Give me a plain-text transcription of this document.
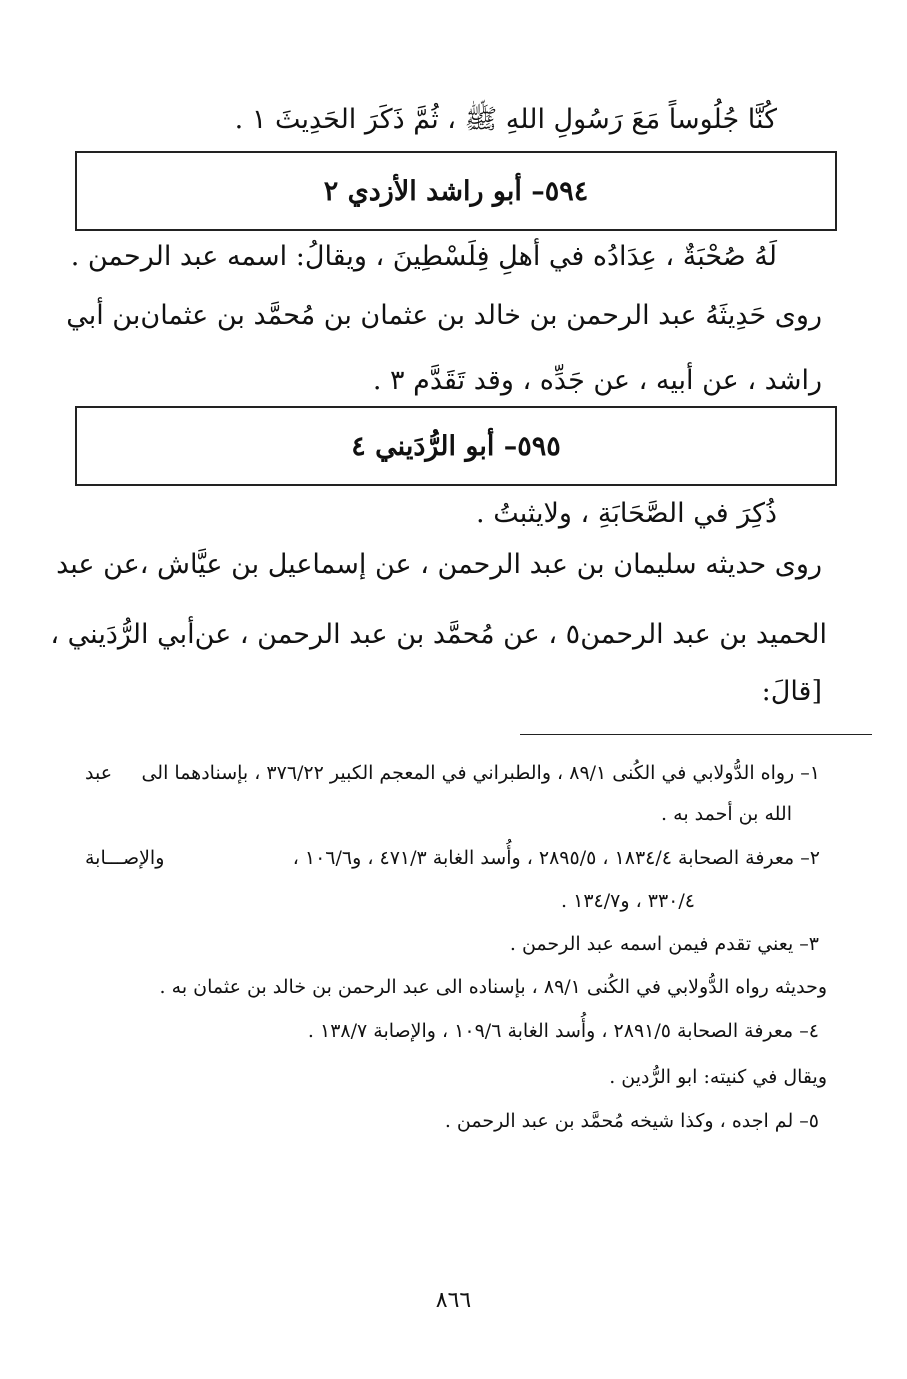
كُنَّا جُلُوساً مَعَ رَسُولِ اللهِ ﷺ ، ثُمَّ ذَكَرَ الحَدِيثَ ١ .
٥٩٤– أبو راشد الأزدي ٢
لَهُ صُحْبَةٌ ، عِدَادُه في أهلِ فِلَسْطِينَ ، ويقالُ: اسمه عبد الرحمن .
روى حَدِيثَهُ عبد الرحمن بن خالد بن عثمان بن مُحمَّد بن عثمان
بن أبي
راشد ، عن أبيه ، عن جَدِّه ، وقد تَقَدَّم ٣ .
٥٩٥– أبو الرُّدَيني ٤
ذُكِرَ في الصَّحَابَةِ ، ولايثبتُ .
روى حديثه سليمان بن عبد الرحمن ، عن إسماعيل بن عيَّاش ،
عن عبد
الحميد بن عبد الرحمن٥ ، عن مُحمَّد بن عبد الرحمن ، عن
أبي الرُّدَيني ،
[قالَ:
١– رواه الدُّولابي في الكُنى ٨٩/١ ، والطبراني في المعجم الكبير ٣٧٦/٢٢ ، بإسنادهما الى
عبد
الله بن أحمد به .
٢– معرفة الصحابة ١٨٣٤/٤ ، ٢٨٩٥/٥ ، وأُسد الغابة ٤٧١/٣ ، و١٠٦/٦ ،
والإصـــابة
٣٣٠/٤ ، و١٣٤/٧ .
٣– يعني تقدم فيمن اسمه عبد الرحمن .
وحديثه رواه الدُّولابي في الكُنى ٨٩/١ ، بإسناده الى عبد الرحمن بن خالد بن عثمان به .
٤– معرفة الصحابة ٢٨٩١/٥ ، وأُسد الغابة ١٠٩/٦ ، والإصابة ١٣٨/٧ .
ويقال في كنيته: ابو الرُّدين .
٥– لم اجده ، وكذا شيخه مُحمَّد بن عبد الرحمن .
٨٦٦
